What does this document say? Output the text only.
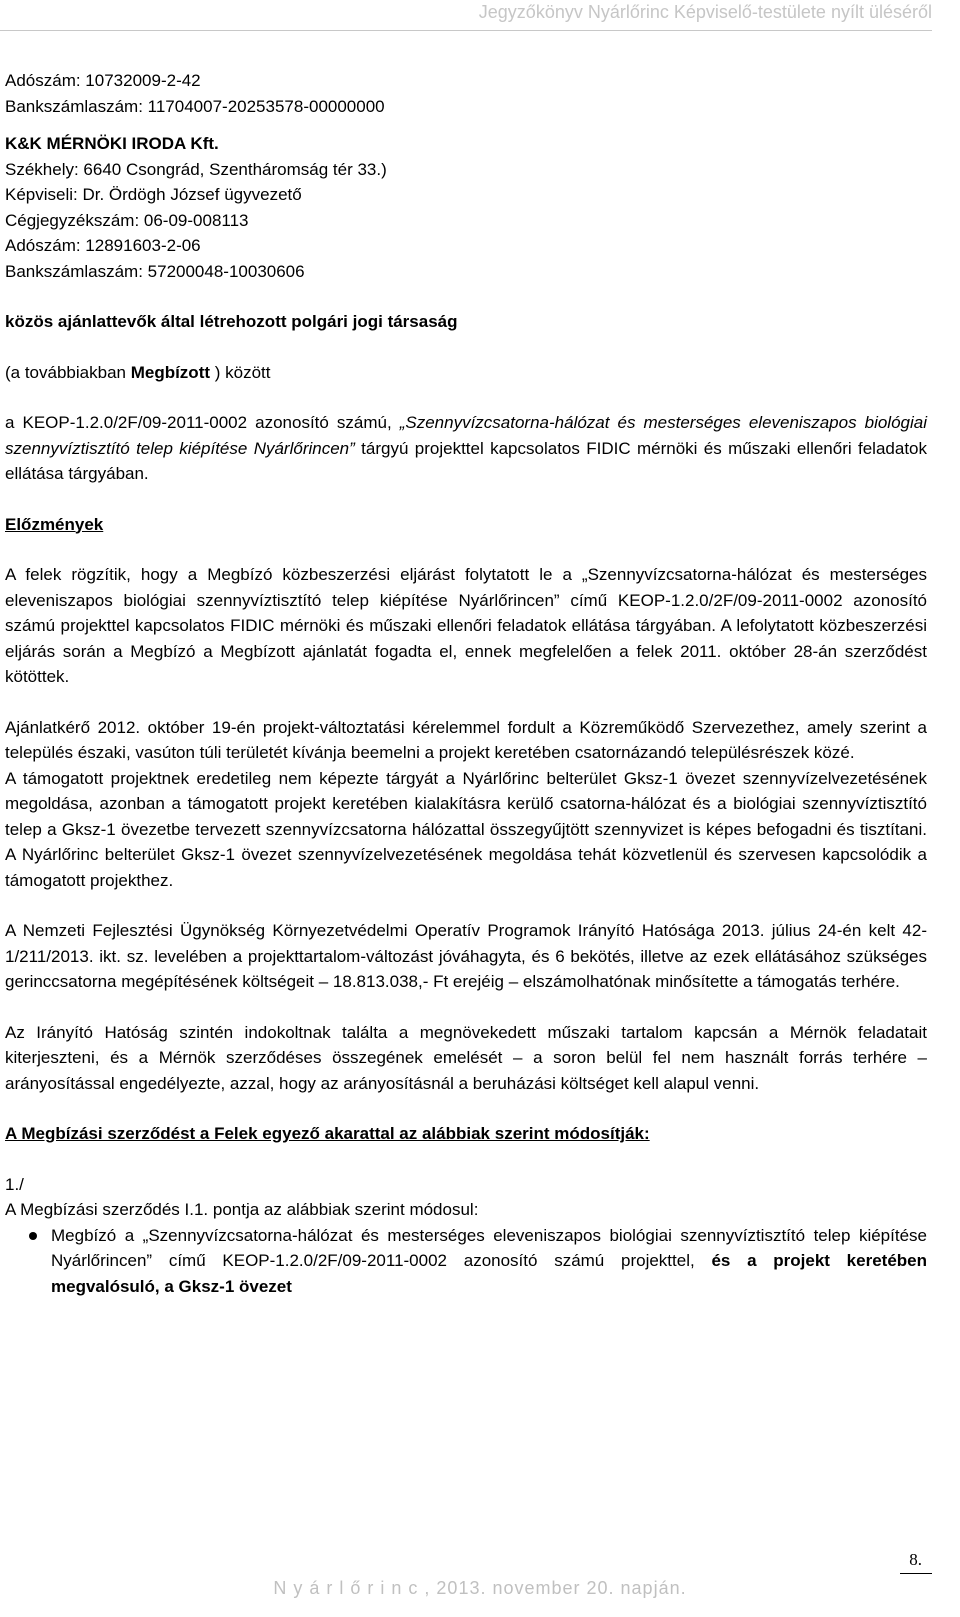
Jegyzőkönyv Nyárlőrinc Képviselő-testülete nyílt üléséről

Adószám: 10732009-2-42

Bankszámlaszám: 11704007-20253578-00000000

K&K MÉRNÖKI IRODA Kft.

Székhely: 6640 Csongrád, Szentháromság tér 33.)

Képviseli: Dr. Ördögh József ügyvezető

Cégjegyzékszám: 06-09-008113

Adószám: 12891603-2-06

Bankszámlaszám: 57200048-10030606

közös ajánlattevők által létrehozott polgári jogi társaság

(a továbbiakban Megbízott ) között

a KEOP-1.2.0/2F/09-2011-0002 azonosító számú, „Szennyvízcsatorna-hálózat és mesterséges eleveniszapos biológiai szennyvíztisztító telep kiépítése Nyárlőrincen” tárgyú projekttel kapcsolatos FIDIC mérnöki és műszaki ellenőri feladatok ellátása tárgyában.

Előzmények

A felek rögzítik, hogy a Megbízó közbeszerzési eljárást folytatott le a „Szennyvízcsatorna-hálózat és mesterséges eleveniszapos biológiai szennyvíztisztító telep kiépítése Nyárlőrincen” című KEOP-1.2.0/2F/09-2011-0002 azonosító számú projekttel kapcsolatos FIDIC mérnöki és műszaki ellenőri feladatok ellátása tárgyában. A lefolytatott közbeszerzési eljárás során a Megbízó a Megbízott ajánlatát fogadta el, ennek megfelelően a felek 2011. október 28-án szerződést kötöttek.

Ajánlatkérő 2012. október 19-én projekt-változtatási kérelemmel fordult a Közreműködő Szervezethez, amely szerint a település északi, vasúton túli területét kívánja beemelni a projekt keretében csatornázandó településrészek közé.

A támogatott projektnek eredetileg nem képezte tárgyát a Nyárlőrinc belterület Gksz-1 övezet szennyvízelvezetésének megoldása, azonban a támogatott projekt keretében kialakításra kerülő csatorna-hálózat és a biológiai szennyvíztisztító telep a Gksz-1 övezetbe tervezett szennyvízcsatorna hálózattal összegyűjtött szennyvizet is képes befogadni és tisztítani. A Nyárlőrinc belterület Gksz-1 övezet szennyvízelvezetésének megoldása tehát közvetlenül és szervesen kapcsolódik a támogatott projekthez.

A Nemzeti Fejlesztési Ügynökség Környezetvédelmi Operatív Programok Irányító Hatósága 2013. július 24-én kelt 42-1/211/2013. ikt. sz. levelében a projekttartalom-változást jóváhagyta, és 6 bekötés, illetve az ezek ellátásához szükséges gerinccsatorna megépítésének költségeit – 18.813.038,- Ft erejéig – elszámolhatónak minősítette a támogatás terhére.

Az Irányító Hatóság szintén indokoltnak találta a megnövekedett műszaki tartalom kapcsán a Mérnök feladatait kiterjeszteni, és a Mérnök szerződéses összegének emelését – a soron belül fel nem használt forrás terhére – arányosítással engedélyezte, azzal, hogy az arányosításnál a beruházási költséget kell alapul venni.

A Megbízási szerződést a Felek egyező akarattal az alábbiak szerint módosítják:

1./

A Megbízási szerződés I.1. pontja az alábbiak szerint módosul:

Megbízó a „Szennyvízcsatorna-hálózat és mesterséges eleveniszapos biológiai szennyvíztisztító telep kiépítése Nyárlőrincen” című KEOP-1.2.0/2F/09-2011-0002 azonosító számú projekttel, és a projekt keretében megvalósuló, a Gksz-1 övezet
8.
N y á r l ő r i n c , 2013. november 20. napján.
